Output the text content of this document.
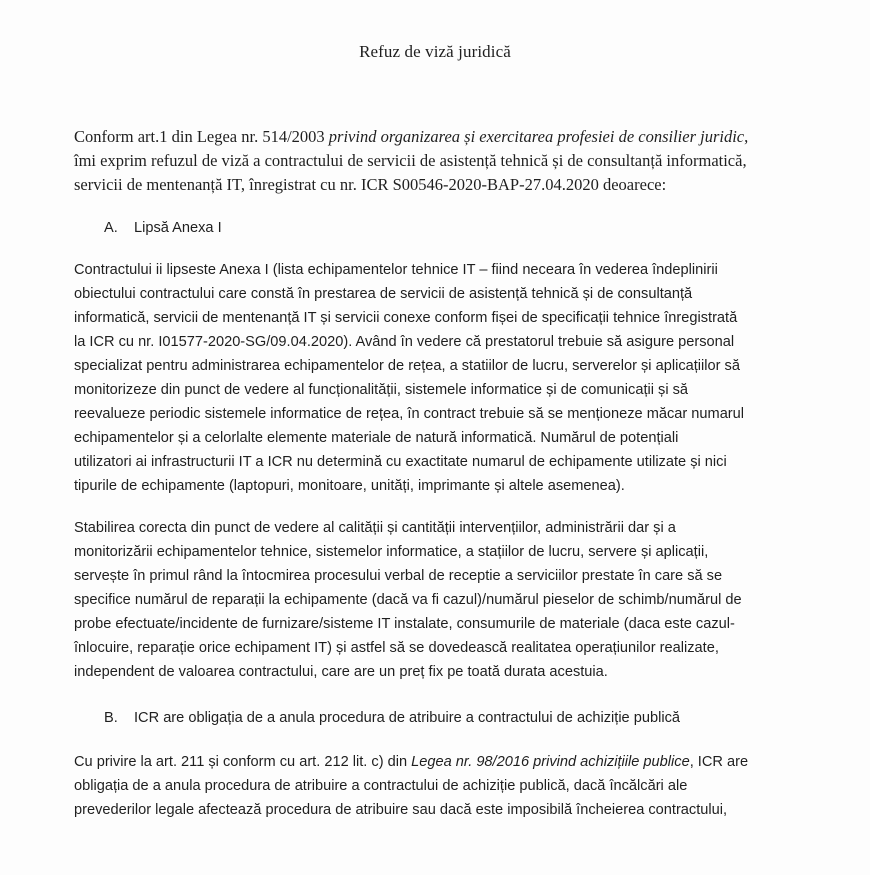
Refuz de viză juridică
Conform art.1 din Legea nr. 514/2003 privind organizarea și exercitarea profesiei de consilier juridic,
îmi exprim refuzul de viză a contractului de servicii de asistență tehnică și de consultanță informatică,
servicii de mentenanță IT, înregistrat cu nr. ICR S00546-2020-BAP-27.04.2020 deoarece:
A. Lipsă Anexa I
Contractului ii lipseste Anexa I (lista echipamentelor tehnice IT – fiind neceara în vederea îndeplinirii
obiectului contractului care constă în prestarea de servicii de asistență tehnică și de consultanță
informatică, servicii de mentenanță IT și servicii conexe conform fișei de specificații tehnice înregistrată
la ICR cu nr. I01577-2020-SG/09.04.2020). Având în vedere că prestatorul trebuie să asigure personal
specializat pentru administrarea echipamentelor de rețea, a statiilor de lucru, serverelor și aplicațiilor să
monitorizeze din punct de vedere al funcționalității, sistemele informatice și de comunicații și să
reevalueze periodic sistemele informatice de rețea, în contract trebuie să se menționeze măcar numarul
echipamentelor și a celorlalte elemente materiale de natură informatică. Numărul de potențiali
utilizatori ai infrastructurii IT a ICR nu determină cu exactitate numarul de echipamente utilizate și nici
tipurile de echipamente (laptopuri, monitoare, unități, imprimante și altele asemenea).
Stabilirea corecta din punct de vedere al calității și cantității intervențiilor, administrării dar și a
monitorizării echipamentelor tehnice, sistemelor informatice, a stațiilor de lucru, servere și aplicații,
servește în primul rând la întocmirea procesului verbal de receptie a serviciilor prestate în care să se
specifice numărul de reparații la echipamente (dacă va fi cazul)/numărul pieselor de schimb/numărul de
probe efectuate/incidente de furnizare/sisteme IT instalate, consumurile de materiale (daca este cazul-
înlocuire, reparație orice echipament IT) și astfel să se dovedească realitatea operațiunilor realizate,
independent de valoarea contractului, care are un preț fix pe toată durata acestuia.
B. ICR are obligația de a anula procedura de atribuire a contractului de achiziție publică
Cu privire la art. 211 și conform cu art. 212 lit. c) din Legea nr. 98/2016 privind achizițiile publice, ICR are
obligația de a anula procedura de atribuire a contractului de achiziție publică, dacă încălcări ale
prevederilor legale afectează procedura de atribuire sau dacă este imposibilă încheierea contractului,
